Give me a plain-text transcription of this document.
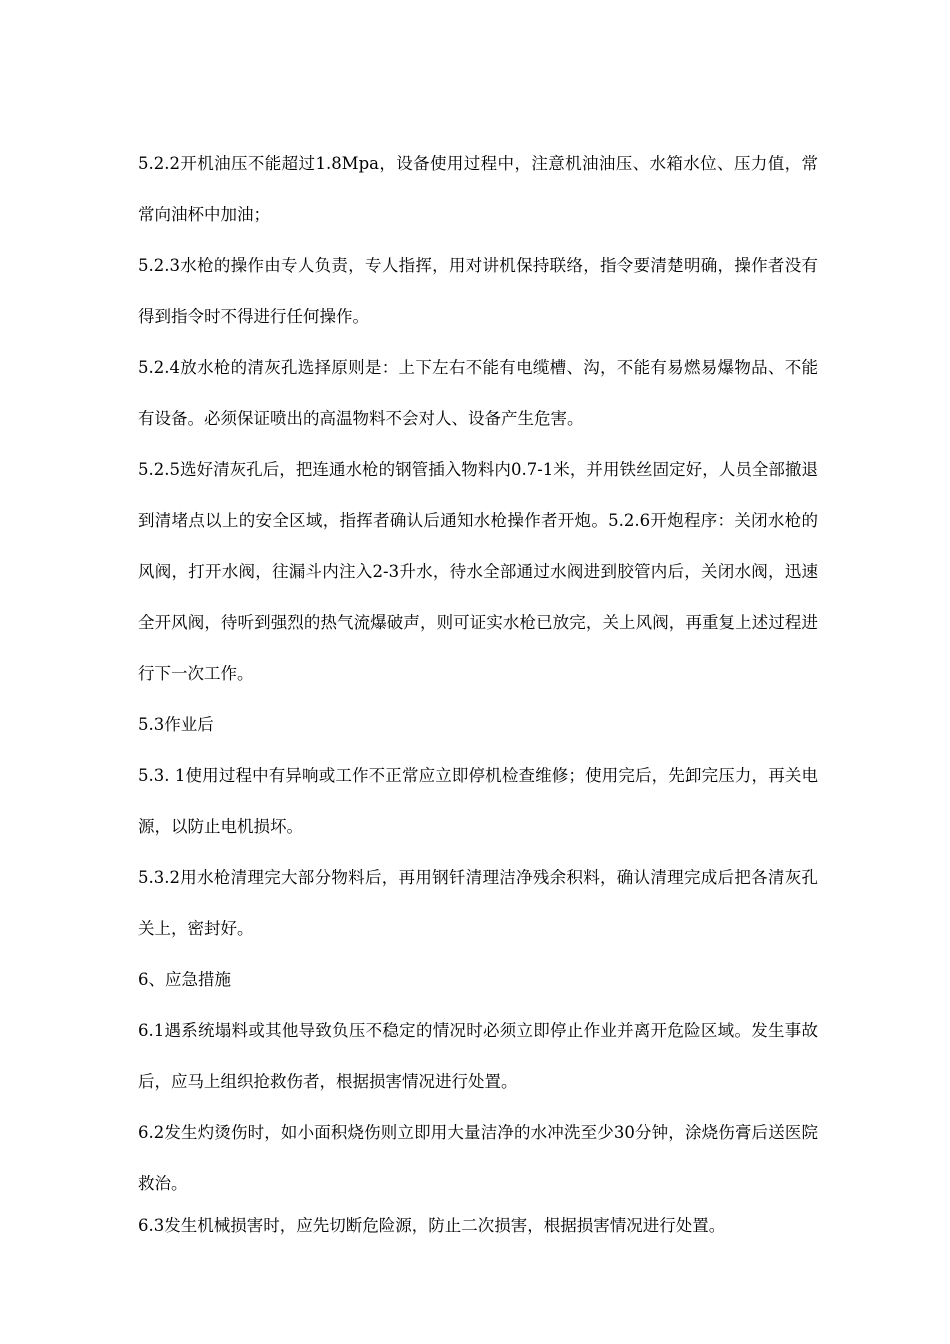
5.2.2开机油压不能超过1.8Mpa，设备使用过程中，注意机油油压、水箱水位、压力值，常常向油杯中加油；

5.2.3水枪的操作由专人负责，专人指挥，用对讲机保持联络，指令要清楚明确，操作者没有得到指令时不得进行任何操作。

5.2.4放水枪的清灰孔选择原则是：上下左右不能有电缆槽、沟，不能有易燃易爆物品、不能有设备。必须保证喷出的高温物料不会对人、设备产生危害。

5.2.5选好清灰孔后，把连通水枪的钢管插入物料内0.7-1米，并用铁丝固定好，人员全部撤退到清堵点以上的安全区域，指挥者确认后通知水枪操作者开炮。5.2.6开炮程序：关闭水枪的风阀，打开水阀，往漏斗内注入2-3升水，待水全部通过水阀进到胶管内后，关闭水阀，迅速全开风阀，待听到强烈的热气流爆破声，则可证实水枪已放完，关上风阀，再重复上述过程进行下一次工作。

5.3作业后

5.3. 1使用过程中有异响或工作不正常应立即停机检查维修；使用完后，先卸完压力，再关电源，以防止电机损坏。

5.3.2用水枪清理完大部分物料后，再用钢钎清理洁净残余积料，确认清理完成后把各清灰孔关上，密封好。

6、应急措施

6.1遇系统塌料或其他导致负压不稳定的情况时必须立即停止作业并离开危险区域。发生事故后，应马上组织抢救伤者，根据损害情况进行处置。

6.2发生灼烫伤时，如小面积烧伤则立即用大量洁净的水冲洗至少30分钟，涂烧伤膏后送医院救治。

6.3发生机械损害时，应先切断危险源，防止二次损害，根据损害情况进行处置。
